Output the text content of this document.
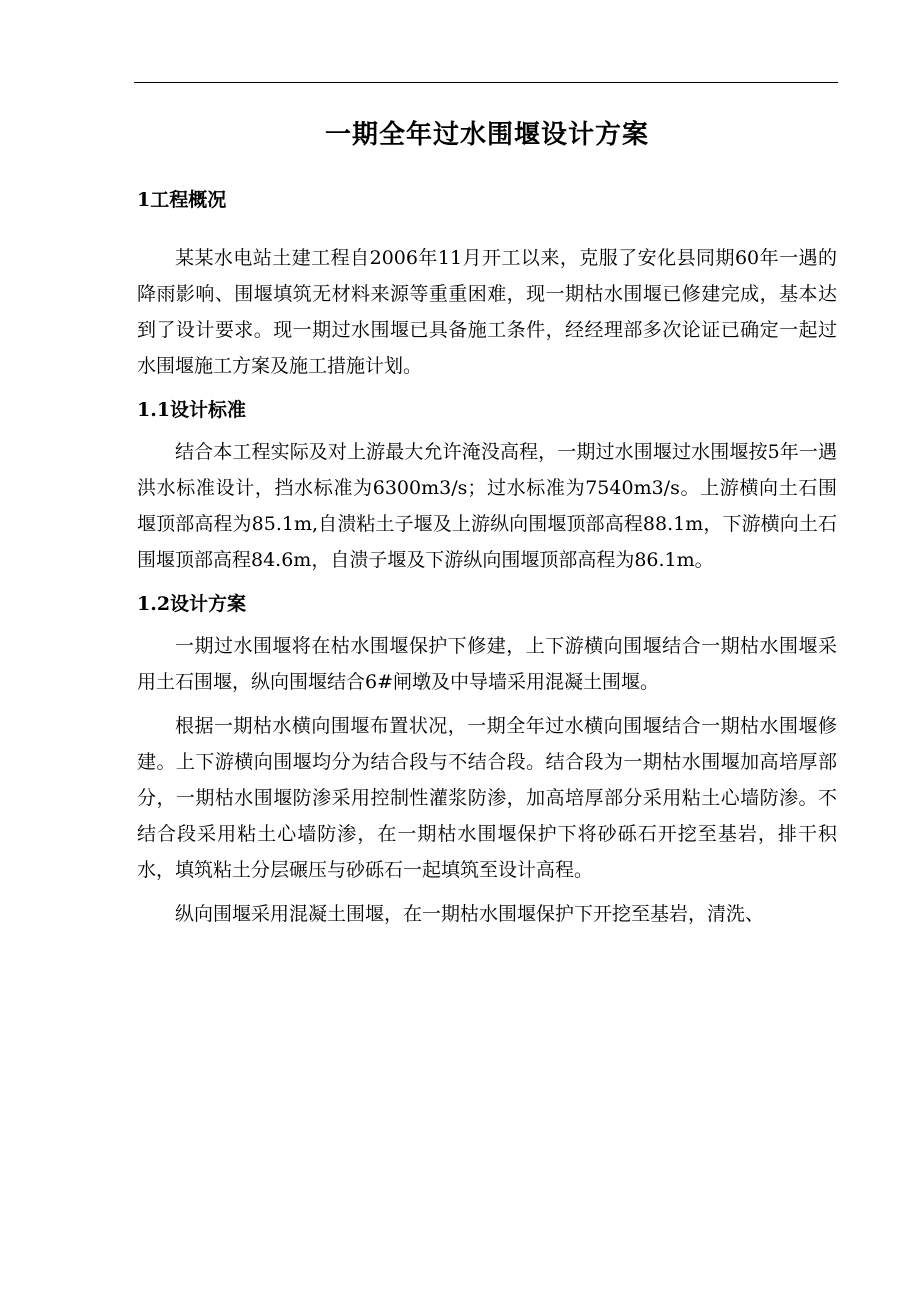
一期全年过水围堰设计方案
1工程概况

某某水电站土建工程自2006年11月开工以来，克服了安化县同期60年一遇的降雨影响、围堰填筑无材料来源等重重困难，现一期枯水围堰已修建完成，基本达到了设计要求。现一期过水围堰已具备施工条件，经经理部多次论证已确定一起过水围堰施工方案及施工措施计划。

1.1设计标准

结合本工程实际及对上游最大允许淹没高程，一期过水围堰过水围堰按5年一遇洪水标准设计，挡水标准为6300m3/s；过水标准为7540m3/s。上游横向土石围堰顶部高程为85.1m,自溃粘土子堰及上游纵向围堰顶部高程88.1m，下游横向土石围堰顶部高程84.6m，自溃子堰及下游纵向围堰顶部高程为86.1m。

1.2设计方案

一期过水围堰将在枯水围堰保护下修建，上下游横向围堰结合一期枯水围堰采用土石围堰，纵向围堰结合6#闸墩及中导墙采用混凝土围堰。

根据一期枯水横向围堰布置状况，一期全年过水横向围堰结合一期枯水围堰修建。上下游横向围堰均分为结合段与不结合段。结合段为一期枯水围堰加高培厚部分，一期枯水围堰防渗采用控制性灌浆防渗，加高培厚部分采用粘土心墙防渗。不结合段采用粘土心墙防渗，在一期枯水围堰保护下将砂砾石开挖至基岩，排干积水，填筑粘土分层碾压与砂砾石一起填筑至设计高程。

纵向围堰采用混凝土围堰，在一期枯水围堰保护下开挖至基岩，清洗、
